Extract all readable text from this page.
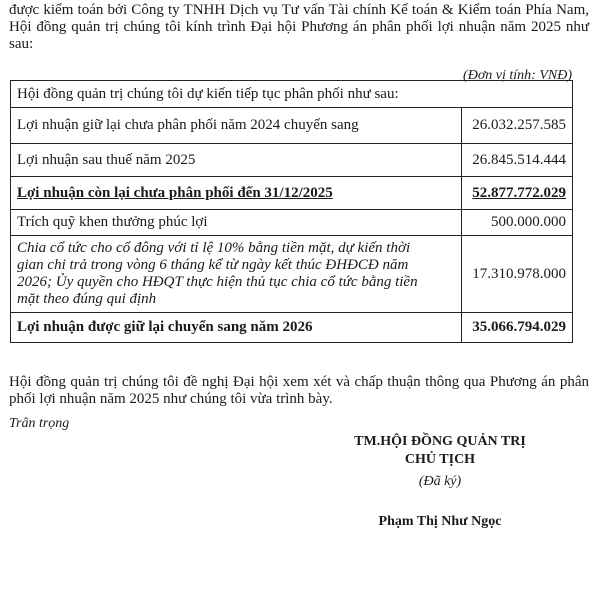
được kiểm toán bởi Công ty TNHH Dịch vụ Tư vấn Tài chính Kế toán & Kiểm toán Phía Nam, Hội đồng quản trị chúng tôi kính trình Đại hội Phương án phân phối lợi nhuận năm 2025 như sau:
(Đơn vị tính: VNĐ)
Hội đồng quản trị chúng tôi dự kiến tiếp tục phân phối như sau:	
Lợi nhuận giữ lại chưa phân phối năm 2024 chuyển sang	26.032.257.585
Lợi nhuận sau thuế năm 2025	26.845.514.444
Lợi nhuận còn lại chưa phân phối đến 31/12/2025	52.877.772.029
Trích quỹ khen thưởng phúc lợi	500.000.000
Chia cổ tức cho cổ đông với tỉ lệ 10% bằng tiền mặt, dự kiến thời gian chi trả trong vòng 6 tháng kể từ ngày kết thúc ĐHĐCĐ năm 2026; Ủy quyền cho HĐQT thực hiện thủ tục chia cổ tức bằng tiền mặt theo đúng qui định	17.310.978.000
Lợi nhuận được giữ lại chuyển sang năm 2026	35.066.794.029
Hội đồng quản trị chúng tôi đề nghị Đại hội xem xét và chấp thuận thông qua Phương án phân phối lợi nhuận năm 2025 như chúng tôi vừa trình bày.
Trân trọng
TM.HỘI ĐỒNG QUẢN TRỊ
CHỦ TỊCH
(Đã ký)
Phạm Thị Như Ngọc
